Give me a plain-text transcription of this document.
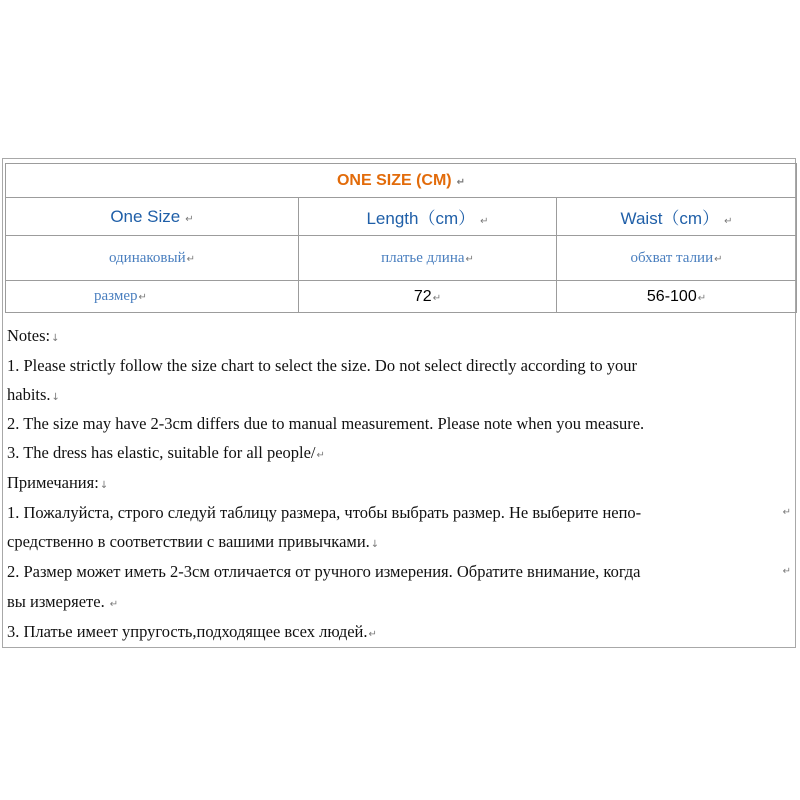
ONE SIZE (CM) ↵		
One Size ↵	Length（cm） ↵	Waist（cm） ↵
одинаковый↵	платье длина↵	обхват талии↵
размер↵	72↵	56-100↵
Notes:↓
1. Please strictly follow the size chart to select the size. Do not select directly according to your
habits.↓
2. The size may have 2-3cm differs due to manual measurement. Please note when you measure.
3. The dress has elastic, suitable for all people/↵
Примечания:↓
1. Пожалуйста, строго следуй таблицу размера, чтобы выбрать размер. Не выберите непо-	↵
средственно в соответствии с вашими привычками.↓
2. Размер может иметь 2-3см отличается от ручного измерения. Обратите внимание, когда	↵
вы измеряете. ↵
3. Платье имеет упругость,подходящее всех людей.↵
